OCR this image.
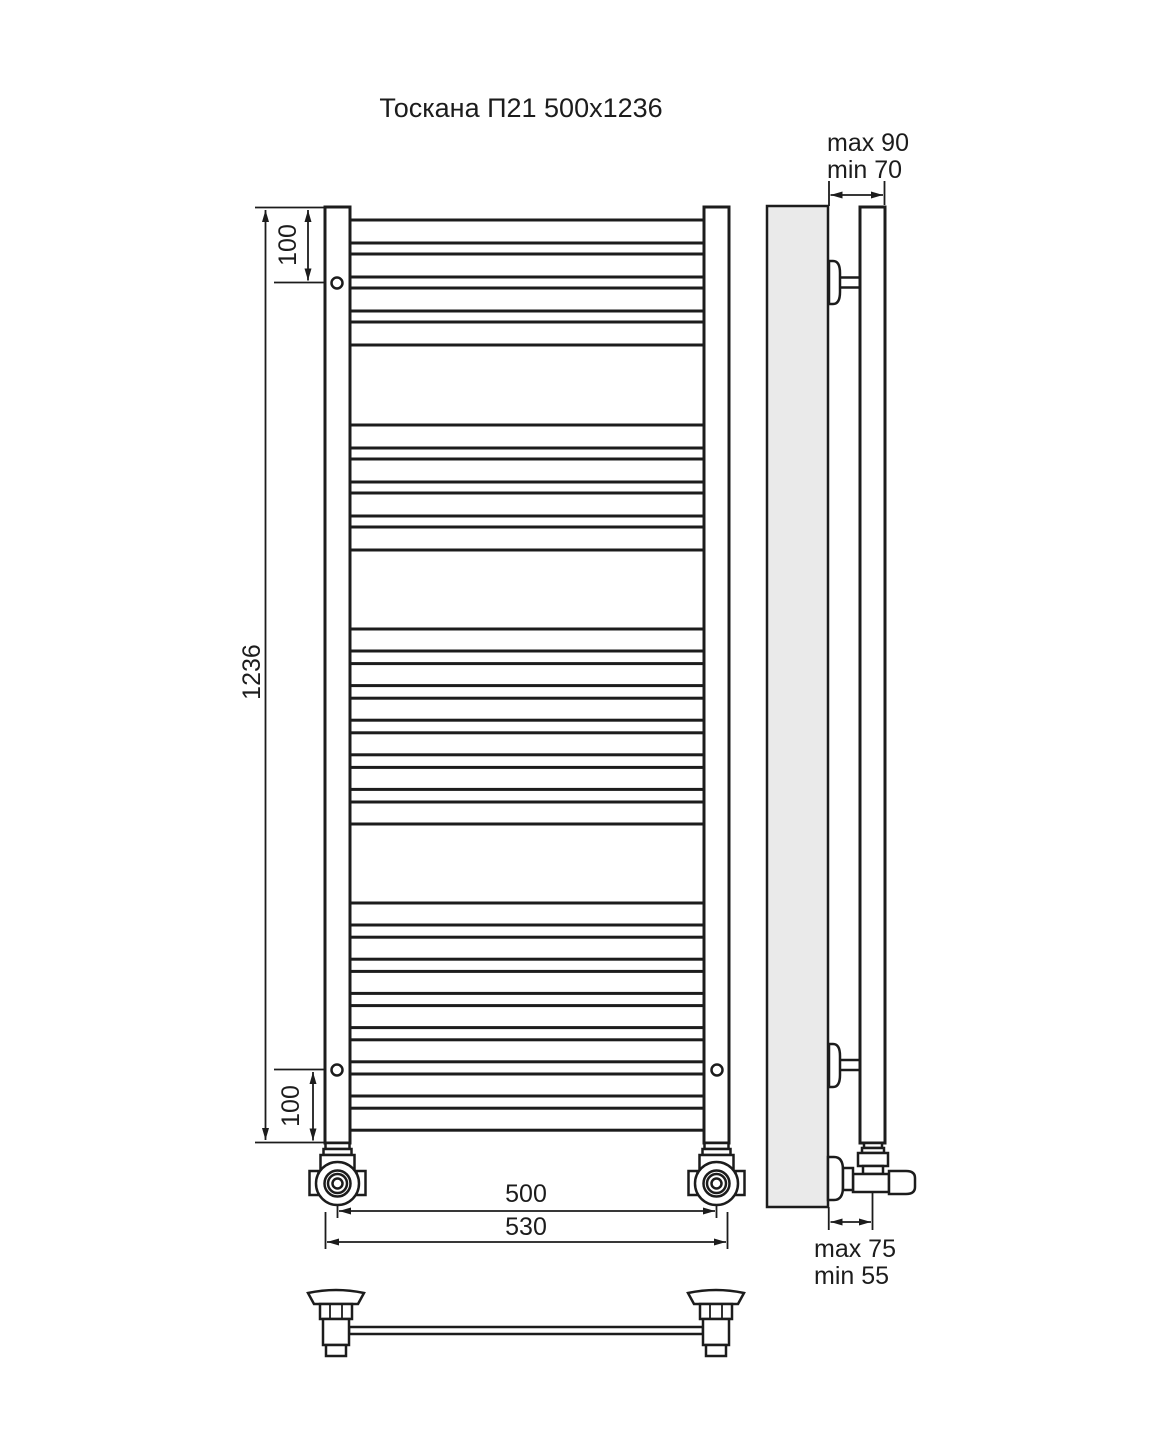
Тоскана П21 500x1236
1236
100
100
500
530
max 90
min 70
max 75
min 55
